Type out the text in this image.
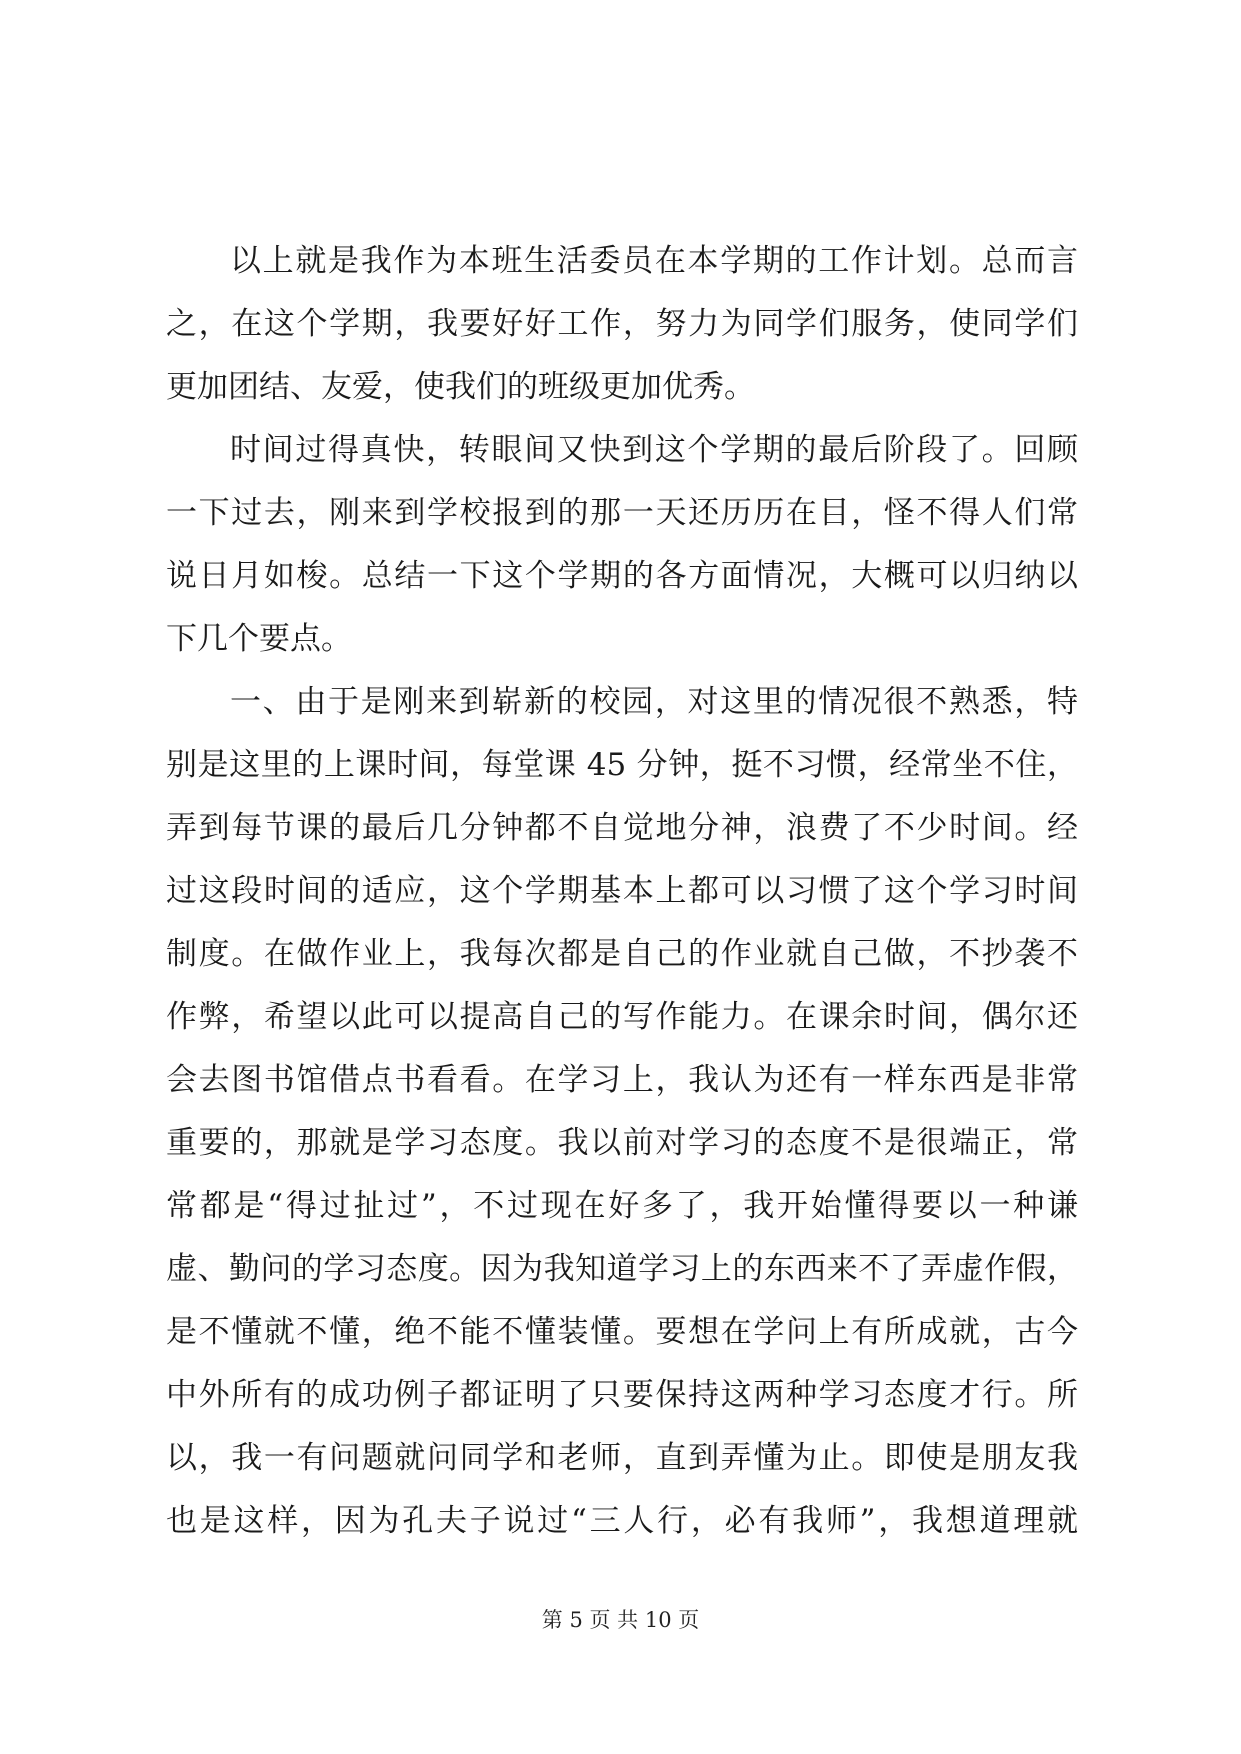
以上就是我作为本班生活委员在本学期的工作计划。总而言
之，在这个学期，我要好好工作，努力为同学们服务，使同学们
更加团结、友爱，使我们的班级更加优秀。
时间过得真快，转眼间又快到这个学期的最后阶段了。回顾
一下过去，刚来到学校报到的那一天还历历在目，怪不得人们常
说日月如梭。总结一下这个学期的各方面情况，大概可以归纳以
下几个要点。
一、由于是刚来到崭新的校园，对这里的情况很不熟悉，特
别是这里的上课时间，每堂课 45 分钟，挺不习惯，经常坐不住，
弄到每节课的最后几分钟都不自觉地分神，浪费了不少时间。经
过这段时间的适应，这个学期基本上都可以习惯了这个学习时间
制度。在做作业上，我每次都是自己的作业就自己做，不抄袭不
作弊，希望以此可以提高自己的写作能力。在课余时间，偶尔还
会去图书馆借点书看看。在学习上，我认为还有一样东西是非常
重要的，那就是学习态度。我以前对学习的态度不是很端正，常
常都是“得过扯过”，不过现在好多了，我开始懂得要以一种谦
虚、勤问的学习态度。因为我知道学习上的东西来不了弄虚作假，
是不懂就不懂，绝不能不懂装懂。要想在学问上有所成就，古今
中外所有的成功例子都证明了只要保持这两种学习态度才行。所
以，我一有问题就问同学和老师，直到弄懂为止。即使是朋友我
也是这样，因为孔夫子说过“三人行，必有我师”，我想道理就
第 5 页 共 10 页
